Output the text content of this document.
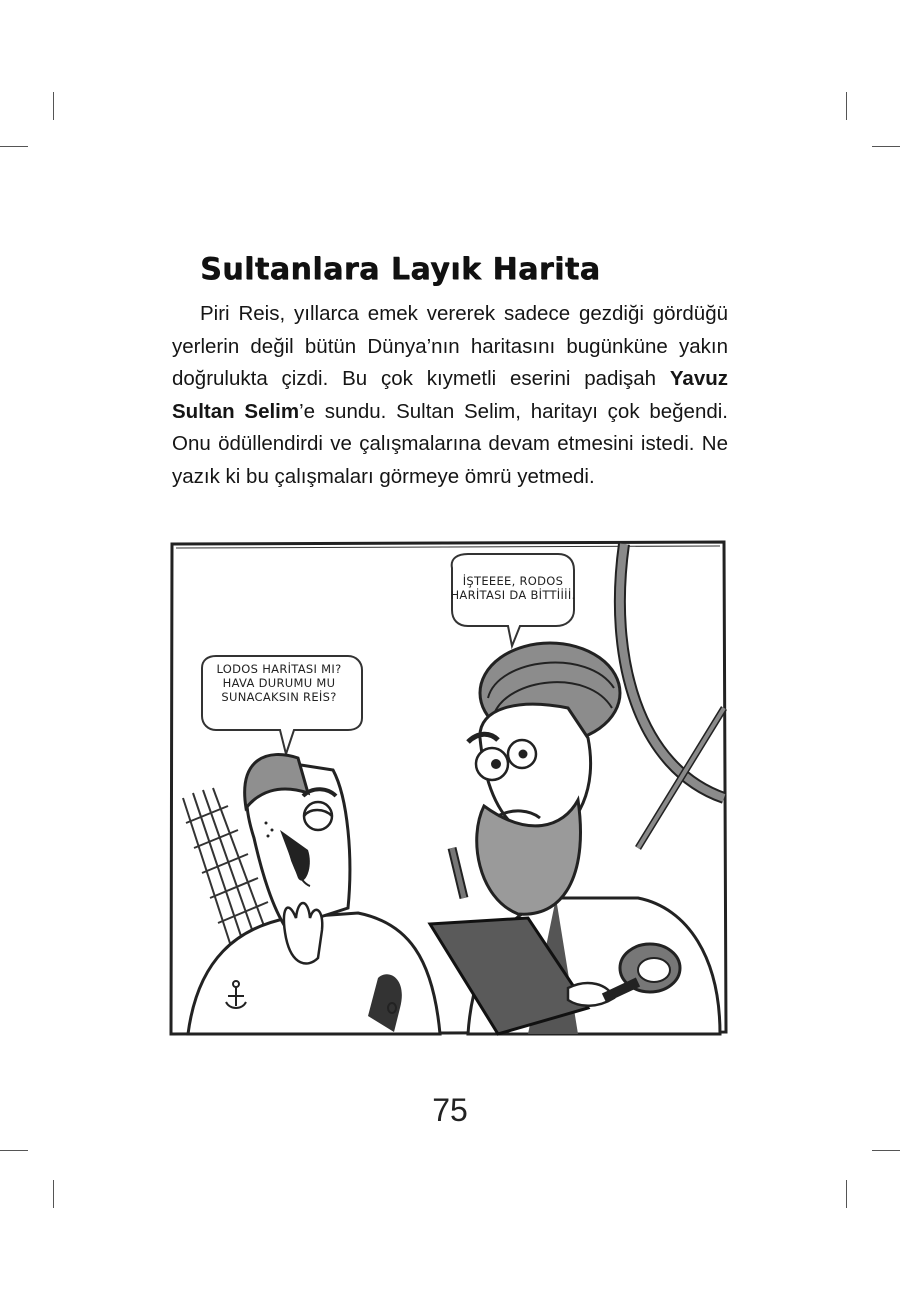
Sultanlara Layık Harita

Piri Reis, yıllarca emek vererek sadece gezdiği gördüğü yerlerin değil bütün Dünya’nın haritasını bugünküne yakın doğrulukta çizdi. Bu çok kıymetli eserini padişah Yavuz Sultan Selim’e sundu. Sultan Selim, haritayı çok beğendi. Onu ödüllendirdi ve çalışmalarına devam etmesini istedi. Ne yazık ki bu çalışmaları görmeye ömrü yetmedi.

İŞTEEEE, RODOS HARİTASI DA BİTTİİİİ.
LODOS HARİTASI MI? HAVA DURUMU MU SUNACAKSIN REİS?
75
